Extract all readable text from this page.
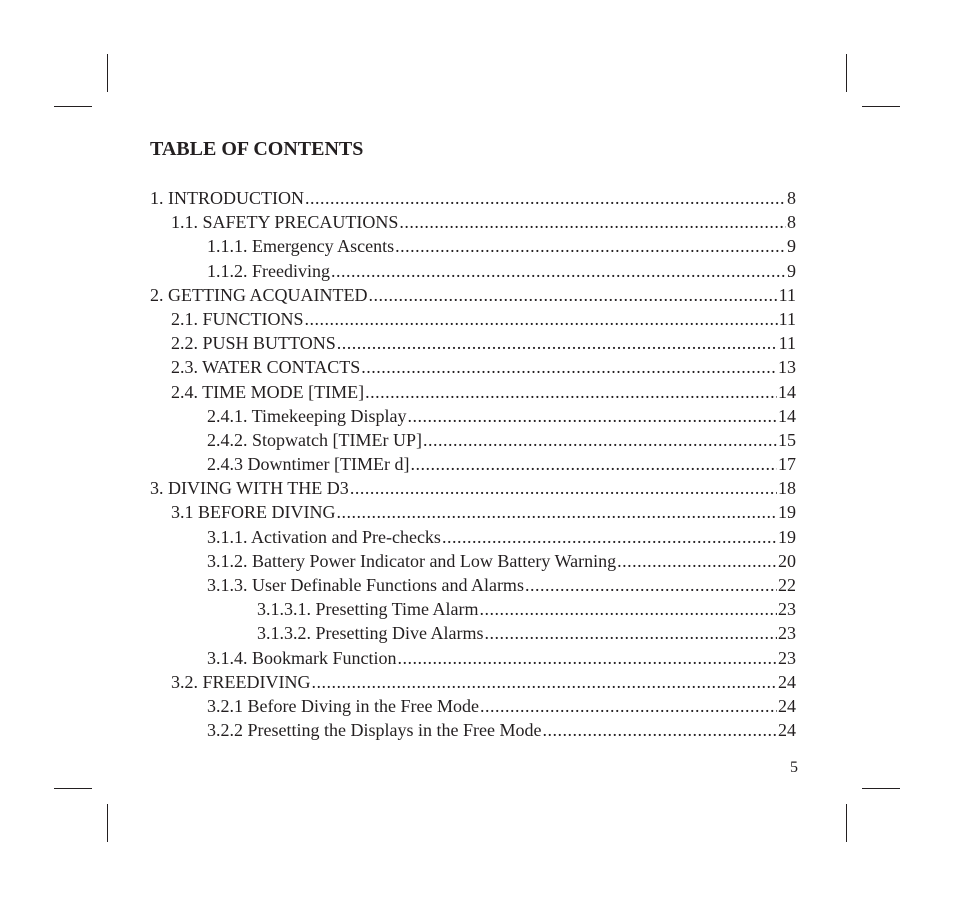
TABLE OF CONTENTS
1. INTRODUCTION .....	8
1.1. SAFETY PRECAUTIONS .....	8
1.1.1. Emergency Ascents .....	9
1.1.2. Freediving .....	9
2. GETTING ACQUAINTED .....	11
2.1. FUNCTIONS .....	11
2.2. PUSH BUTTONS .....	11
2.3. WATER CONTACTS .....	13
2.4. TIME MODE [TIME] .....	14
2.4.1. Timekeeping Display .....	14
2.4.2. Stopwatch [TIMEr UP] .....	15
2.4.3 Downtimer [TIMEr d] .....	17
3. DIVING WITH THE D3 .....	18
3.1 BEFORE DIVING .....	19
3.1.1. Activation and Pre-checks .....	19
3.1.2. Battery Power Indicator and Low Battery Warning .....	20
3.1.3. User Definable Functions and Alarms .....	22
3.1.3.1. Presetting Time Alarm .....	23
3.1.3.2. Presetting Dive Alarms .....	23
3.1.4. Bookmark Function .....	23
3.2. FREEDIVING .....	24
3.2.1 Before Diving in the Free Mode .....	24
3.2.2 Presetting the Displays in the Free Mode .....	24
5
